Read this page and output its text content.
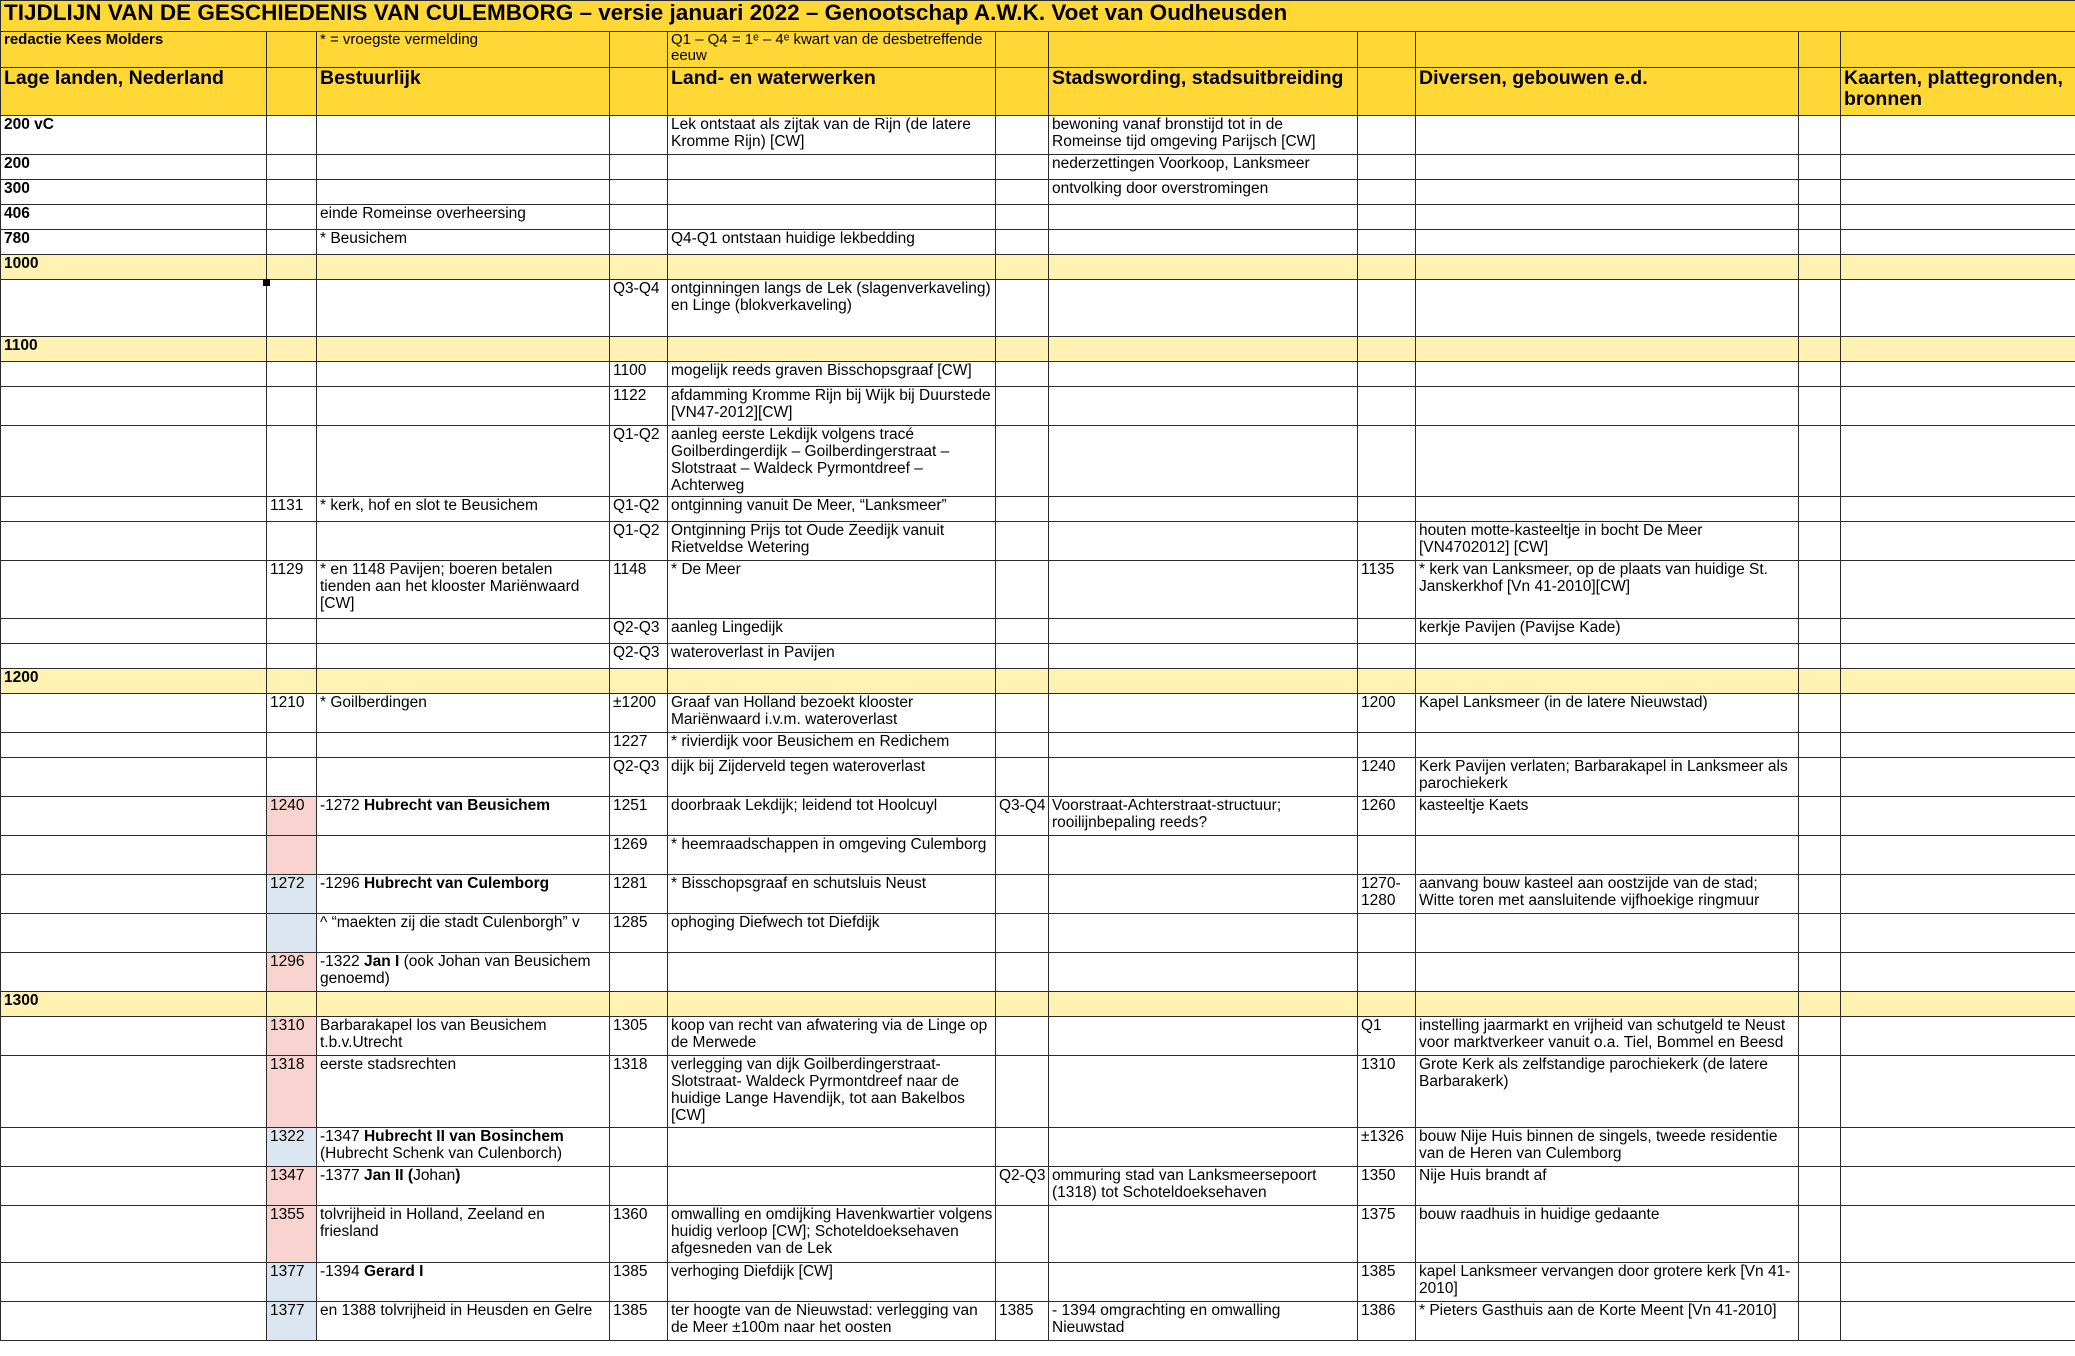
TIJDLIJN VAN DE GESCHIEDENIS VAN CULEMBORG – versie januari 2022 – Genootschap A.W.K. Voet van Oudheusden										
redactie Kees Molders		* = vroegste vermelding		Q1 – Q4 = 1ᵉ – 4ᵉ kwart van de desbetreffende eeuw						
Lage landen, Nederland		Bestuurlijk		Land- en waterwerken		Stadswording, stadsuitbreiding		Diversen, gebouwen e.d.		Kaarten, plattegronden, bronnen
200 vC				Lek ontstaat als zijtak van de Rijn (de latere Kromme Rijn) [CW]		bewoning vanaf bronstijd tot in de Romeinse tijd omgeving Parijsch [CW]				
200						nederzettingen Voorkoop, Lanksmeer				
300						ontvolking door overstromingen				
406		einde Romeinse overheersing								
780		* Beusichem		Q4-Q1 ontstaan huidige lekbedding						
1000										
			Q3-Q4	ontginningen langs de Lek (slagenverkaveling) en Linge (blokverkaveling)						
1100										
			1100	mogelijk reeds graven Bisschopsgraaf [CW]						
			1122	afdamming Kromme Rijn bij Wijk bij Duurstede [VN47-2012][CW]						
			Q1-Q2	aanleg eerste Lekdijk volgens tracé Goilberdingerdijk – Goilberdingerstraat – Slotstraat – Waldeck Pyrmontdreef – Achterweg						
	1131	* kerk, hof en slot te Beusichem	Q1-Q2	ontginning vanuit De Meer, “Lanksmeer”						
			Q1-Q2	Ontginning Prijs tot Oude Zeedijk vanuit Rietveldse Wetering				houten motte-kasteeltje in bocht De Meer [VN4702012] [CW]		
	1129	* en 1148 Pavijen; boeren betalen tienden aan het klooster Mariënwaard [CW]	1148	* De Meer			1135	* kerk van Lanksmeer, op de plaats van huidige St. Janskerkhof [Vn 41-2010][CW]		
			Q2-Q3	aanleg Lingedijk				kerkje Pavijen (Pavijse Kade)		
			Q2-Q3	wateroverlast in Pavijen						
1200										
	1210	* Goilberdingen	±1200	Graaf van Holland bezoekt klooster Mariënwaard i.v.m. wateroverlast			1200	Kapel Lanksmeer (in de latere Nieuwstad)		
			1227	* rivierdijk voor Beusichem en Redichem						
			Q2-Q3	dijk bij Zijderveld tegen wateroverlast			1240	Kerk Pavijen verlaten; Barbarakapel in Lanksmeer als parochiekerk		
	1240	-1272 Hubrecht van Beusichem	1251	doorbraak Lekdijk; leidend tot Hoolcuyl	Q3-Q4	Voorstraat-Achterstraat-structuur; rooilijnbepaling reeds?	1260	kasteeltje Kaets		
			1269	* heemraadschappen in omgeving Culemborg						
	1272	-1296 Hubrecht van Culemborg	1281	* Bisschopsgraaf en schutsluis Neust			1270-1280	aanvang bouw kasteel aan oostzijde van de stad; Witte toren met aansluitende vijfhoekige ringmuur		
		^ “maekten zij die stadt Culenborgh” v	1285	ophoging Diefwech tot Diefdijk						
	1296	-1322 Jan I (ook Johan van Beusichem genoemd)								
1300										
	1310	Barbarakapel los van Beusichem t.b.v.Utrecht	1305	koop van recht van afwatering via de Linge op de Merwede			Q1	instelling jaarmarkt en vrijheid van schutgeld te Neust voor marktverkeer vanuit o.a. Tiel, Bommel en Beesd		
	1318	eerste stadsrechten	1318	verlegging van dijk Goilberdingerstraat- Slotstraat- Waldeck Pyrmontdreef naar de huidige Lange Havendijk, tot aan Bakelbos [CW]			1310	Grote Kerk als zelfstandige parochiekerk (de latere Barbarakerk)		
	1322	-1347 Hubrecht II van Bosinchem (Hubrecht Schenk van Culenborch)					±1326	bouw Nije Huis binnen de singels, tweede residentie van de Heren van Culemborg		
	1347	-1377 Jan II (Johan)			Q2-Q3	ommuring stad van Lanksmeersepoort (1318) tot Schoteldoeksehaven	1350	Nije Huis brandt af		
	1355	tolvrijheid in Holland, Zeeland en friesland	1360	omwalling en omdijking Havenkwartier volgens huidig verloop [CW]; Schoteldoeksehaven afgesneden van de Lek			1375	bouw raadhuis in huidige gedaante		
	1377	-1394 Gerard I	1385	verhoging Diefdijk [CW]			1385	kapel Lanksmeer vervangen door grotere kerk [Vn 41-2010]		
	1377	en 1388 tolvrijheid in Heusden en Gelre	1385	ter hoogte van de Nieuwstad: verlegging van de Meer ±100m naar het oosten	1385	- 1394 omgrachting en omwalling Nieuwstad	1386	* Pieters Gasthuis aan de Korte Meent [Vn 41-2010]		
